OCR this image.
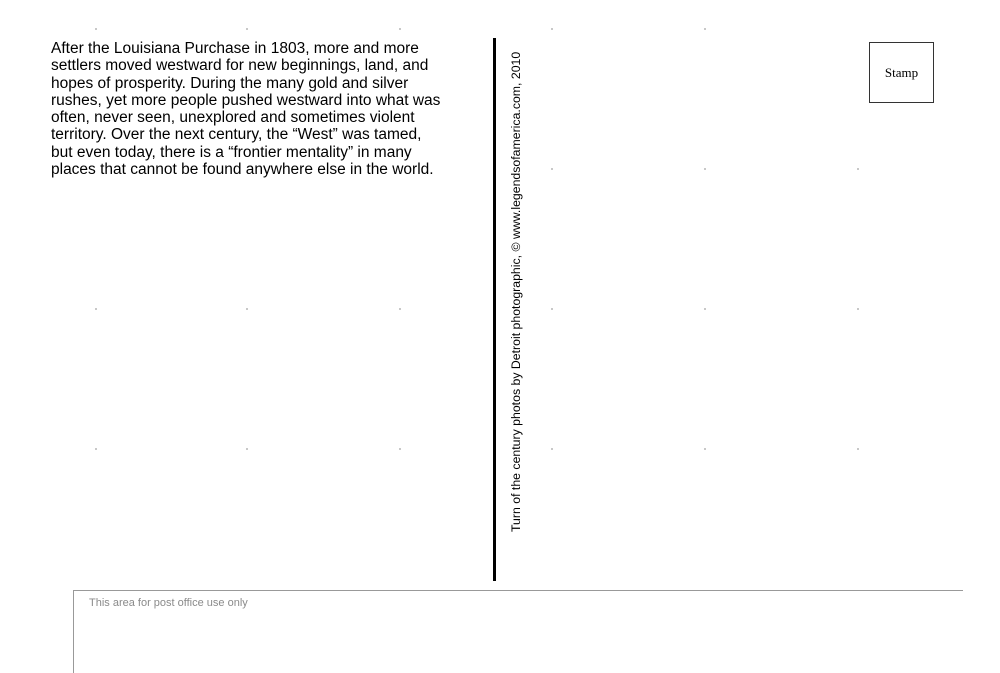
After the Louisiana Purchase in 1803, more and more
settlers moved westward for new beginnings, land, and
hopes of prosperity. During the many gold and silver
rushes, yet more people pushed westward into what was
often, never seen, unexplored and sometimes violent
territory. Over the next century, the “West” was tamed,
but even today, there is a “frontier mentality” in many
places that cannot be found anywhere else in the world.	Turn of the century photos by Detroit photographic, © www.legendsofamerica.com, 2010	Stamp
This area for post office use only
